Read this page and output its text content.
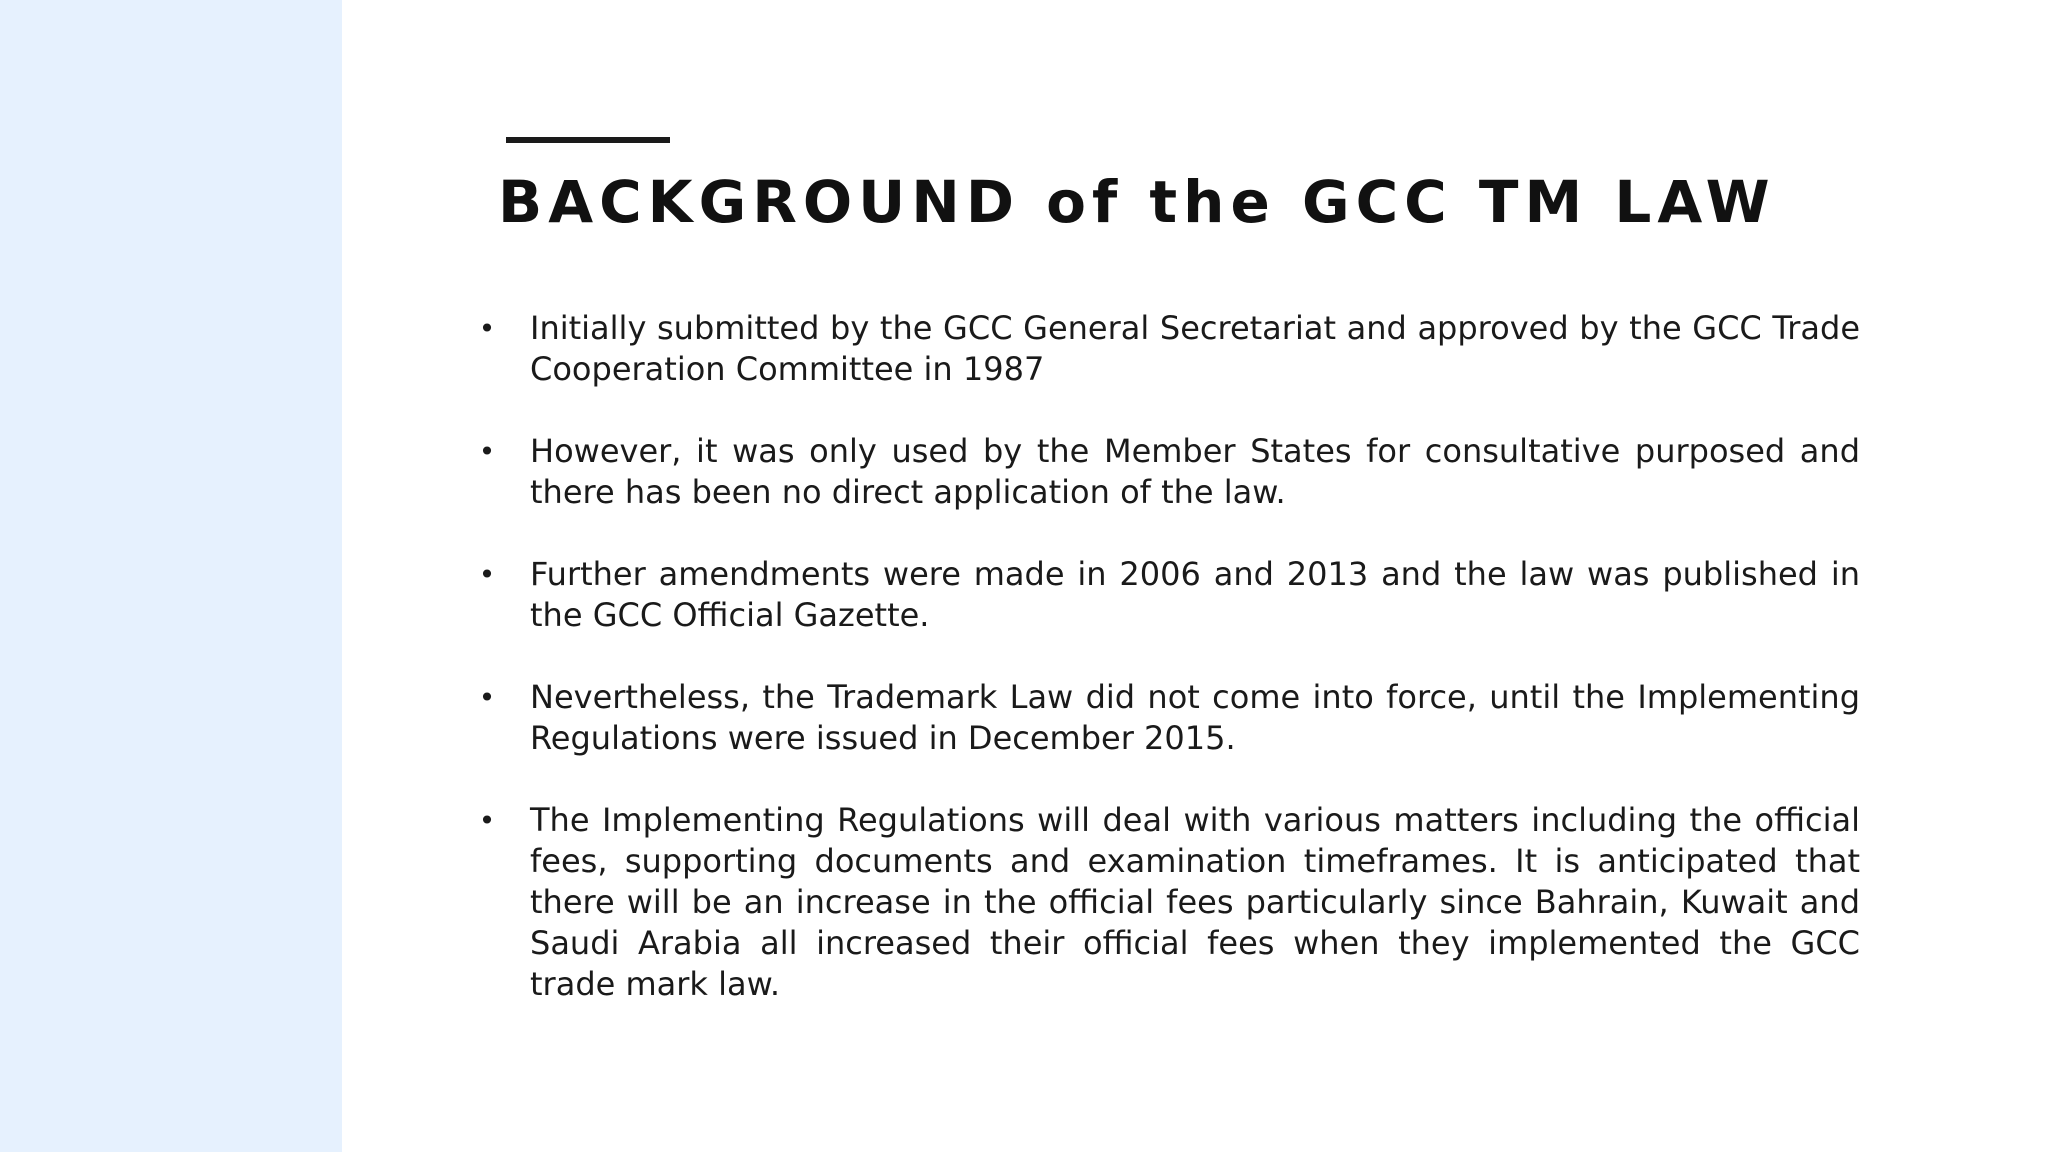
BACKGROUND of the GCC TM LAW
• Initially submitted by the GCC General Secretariat and approved by the GCC Trade Cooperation Committee in 1987
• However, it was only used by the Member States for consultative purposed and there has been no direct application of the law.
• Further amendments were made in 2006 and 2013 and the law was published in the GCC Official Gazette.
• Nevertheless, the Trademark Law did not come into force, until the Implementing Regulations were issued in December 2015.
• The Implementing Regulations will deal with various matters including the official fees, supporting documents and examination timeframes. It is anticipated that there will be an increase in the official fees particularly since Bahrain, Kuwait and Saudi Arabia all increased their official fees when they implemented the GCC trade mark law.
